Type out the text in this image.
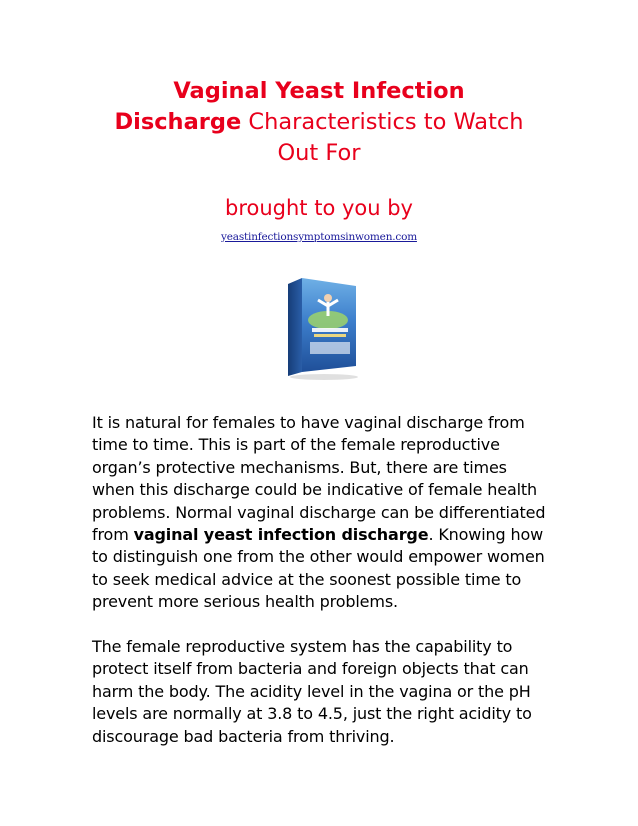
Vaginal Yeast Infection
Discharge Characteristics to Watch
Out For
brought to you by
yeastinfectionsymptomsinwomen.com

It is natural for females to have vaginal discharge from time to time. This is part of the female reproductive organ’s protective mechanisms. But, there are times when this discharge could be indicative of female health problems. Normal vaginal discharge can be differentiated from vaginal yeast infection discharge. Knowing how to distinguish one from the other would empower women to seek medical advice at the soonest possible time to prevent more serious health problems.

The female reproductive system has the capability to protect itself from bacteria and foreign objects that can harm the body. The acidity level in the vagina or the pH levels are normally at 3.8 to 4.5, just the right acidity to discourage bad bacteria from thriving.
